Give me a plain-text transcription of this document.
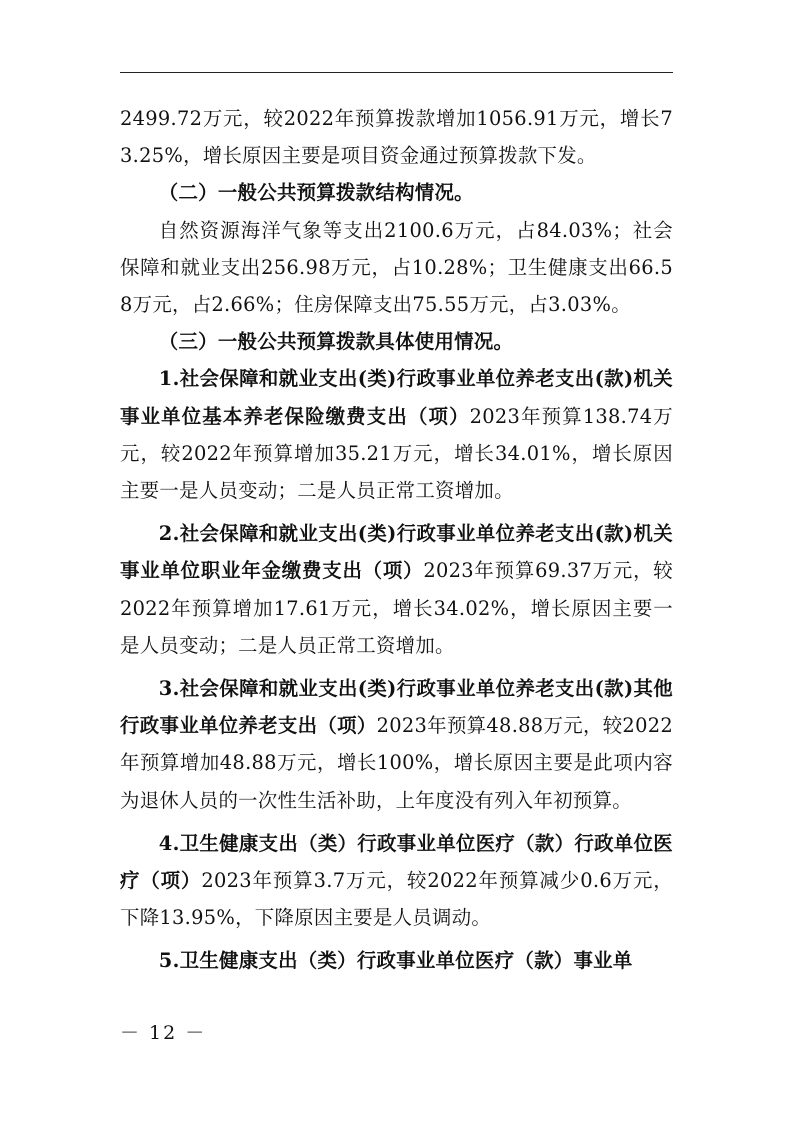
2499.72万元，较2022年预算拨款增加1056.91万元，增长73.25%，增长原因主要是项目资金通过预算拨款下发。

（二）一般公共预算拨款结构情况。

自然资源海洋气象等支出2100.6万元，占84.03%；社会保障和就业支出256.98万元，占10.28%；卫生健康支出66.58万元，占2.66%；住房保障支出75.55万元，占3.03%。

（三）一般公共预算拨款具体使用情况。

1.社会保障和就业支出(类)行政事业单位养老支出(款)机关事业单位基本养老保险缴费支出（项）2023年预算138.74万元，较2022年预算增加35.21万元，增长34.01%，增长原因主要一是人员变动；二是人员正常工资增加。

2.社会保障和就业支出(类)行政事业单位养老支出(款)机关事业单位职业年金缴费支出（项）2023年预算69.37万元，较2022年预算增加17.61万元，增长34.02%，增长原因主要一是人员变动；二是人员正常工资增加。

3.社会保障和就业支出(类)行政事业单位养老支出(款)其他行政事业单位养老支出（项）2023年预算48.88万元，较2022年预算增加48.88万元，增长100%，增长原因主要是此项内容为退休人员的一次性生活补助，上年度没有列入年初预算。

4.卫生健康支出（类）行政事业单位医疗（款）行政单位医疗（项）2023年预算3.7万元，较2022年预算减少0.6万元，下降13.95%，下降原因主要是人员调动。

5.卫生健康支出（类）行政事业单位医疗（款）事业单

－ 12 －
